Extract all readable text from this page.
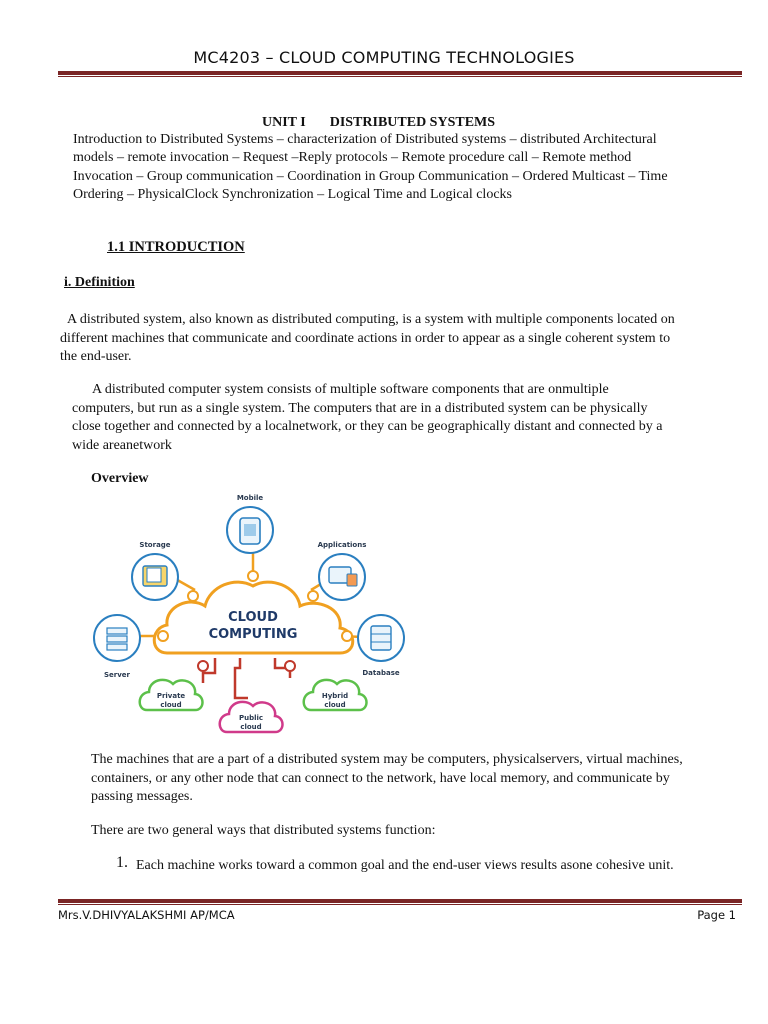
MC4203 – CLOUD COMPUTING TECHNOLOGIES
UNIT I DISTRIBUTED SYSTEMS
Introduction to Distributed Systems – characterization of Distributed systems – distributed Architectural models – remote invocation – Request –Reply protocols – Remote procedure call – Remote method Invocation – Group communication – Coordination in Group Communication – Ordered Multicast – Time Ordering – PhysicalClock Synchronization – Logical Time and Logical clocks
1.1 INTRODUCTION
i. Definition
A distributed system, also known as distributed computing, is a system with multiple components located on different machines that communicate and coordinate actions in order to appear as a single coherent system to the end-user.
A distributed computer system consists of multiple software components that are onmultiple computers, but run as a single system. The computers that are in a distributed system can be physically close together and connected by a localnetwork, or they can be geographically distant and connected by a wide areanetwork
Overview
CLOUD
COMPUTING
Mobile
Storage	Applications
Server	Database
Private
cloud
Public
cloud
Hybrid
cloud
The machines that are a part of a distributed system may be computers, physicalservers, virtual machines, containers, or any other node that can connect to the network, have local memory, and communicate by passing messages.
There are two general ways that distributed systems function:
1. Each machine works toward a common goal and the end-user views results asone cohesive unit.
Mrs.V.DHIVYALAKSHMI AP/MCA	Page 1
